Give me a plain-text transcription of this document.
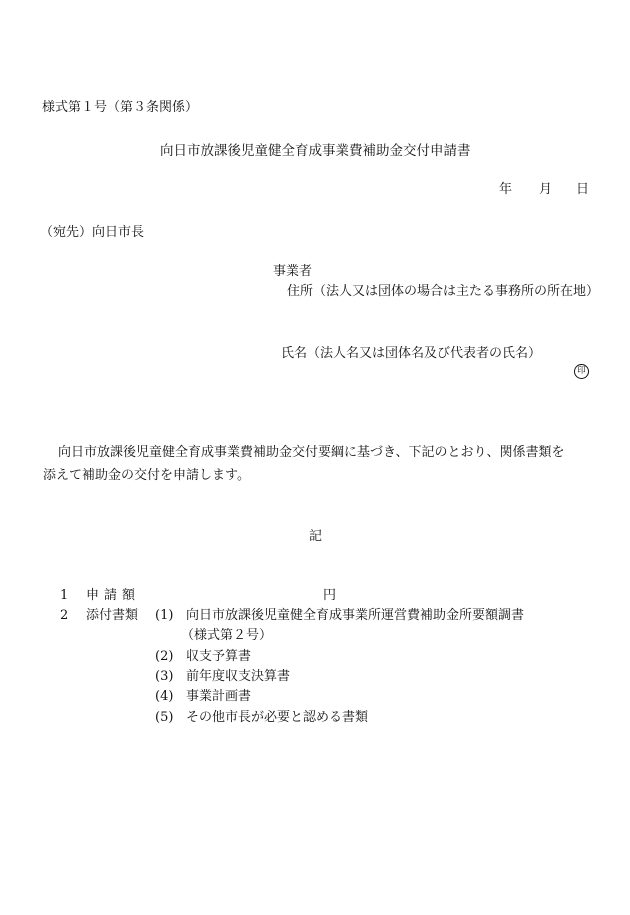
様式第１号（第３条関係）
向日市放課後児童健全育成事業費補助金交付申請書
年 月 日
（宛先）向日市長
事業者
住所（法人又は団体の場合は主たる事務所の所在地）
氏名（法人名又は団体名及び代表者の氏名）
印
向日市放課後児童健全育成事業費補助金交付要綱に基づき、下記のとおり、関係書類を
添えて補助金の交付を申請します。
記
1 申請額	円
2 添付書類 (1) 向日市放課後児童健全育成事業所運営費補助金所要額調書
（様式第２号）
(2) 収支予算書
(3) 前年度収支決算書
(4) 事業計画書
(5) その他市長が必要と認める書類
